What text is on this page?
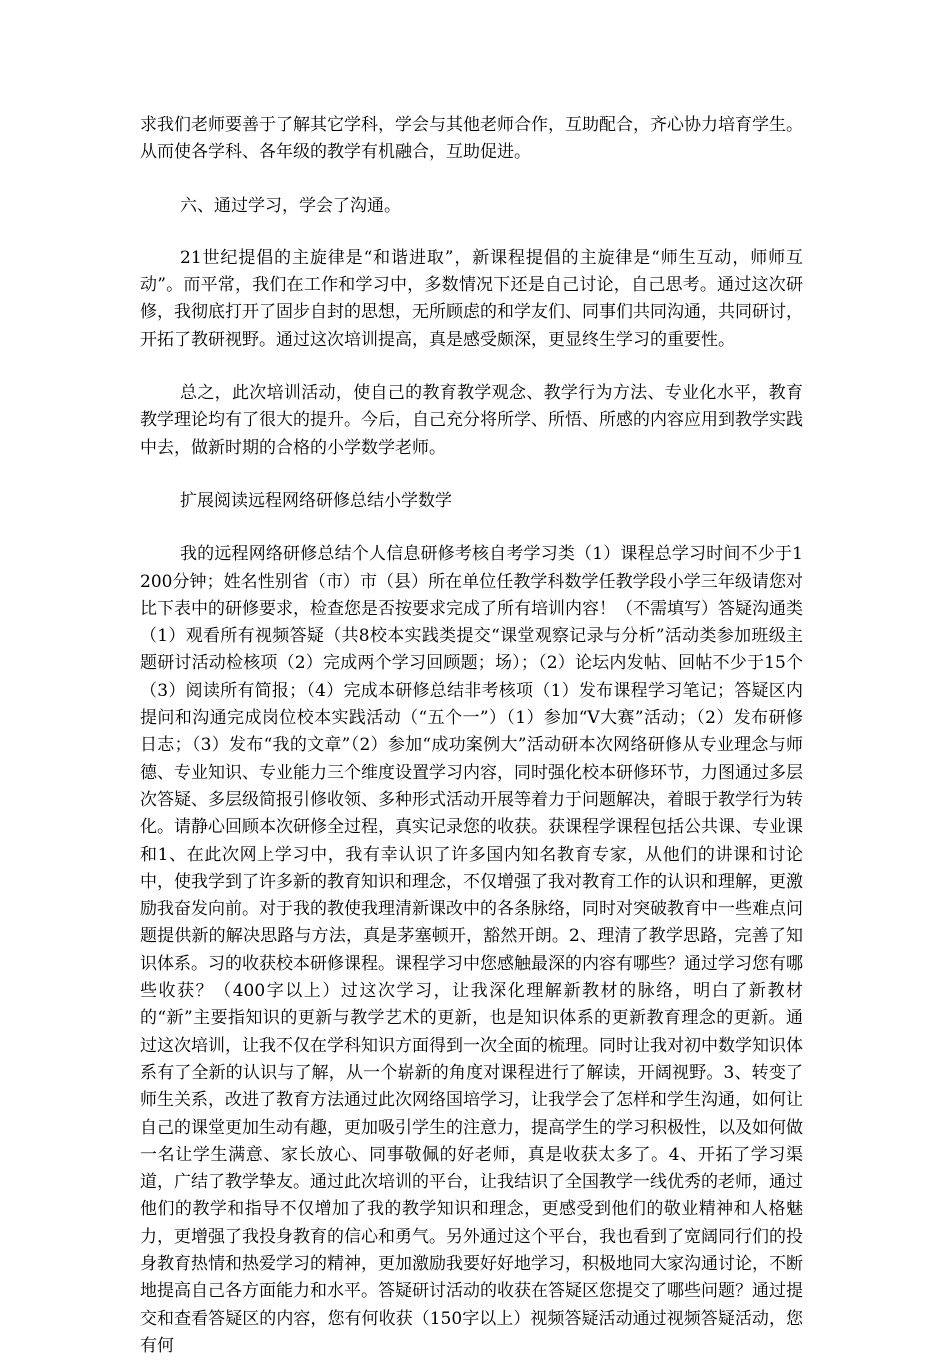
求我们老师要善于了解其它学科，学会与其他老师合作，互助配合，齐心协力培育学生。从而使各学科、各年级的教学有机融合，互助促进。

六、通过学习，学会了沟通。

21世纪提倡的主旋律是“和谐进取”，新课程提倡的主旋律是“师生互动，师师互动”。而平常，我们在工作和学习中，多数情况下还是自己讨论，自己思考。通过这次研修，我彻底打开了固步自封的思想，无所顾虑的和学友们、同事们共同沟通，共同研讨，开拓了教研视野。通过这次培训提高，真是感受颇深，更显终生学习的重要性。

总之，此次培训活动，使自己的教育教学观念、教学行为方法、专业化水平，教育教学理论均有了很大的提升。今后，自己充分将所学、所悟、所感的内容应用到教学实践中去，做新时期的合格的小学数学老师。

扩展阅读远程网络研修总结小学数学

我的远程网络研修总结个人信息研修考核自考学习类（1）课程总学习时间不少于1200分钟；姓名性别省（市）市（县）所在单位任教学科数学任教学段小学三年级请您对比下表中的研修要求，检查您是否按要求完成了所有培训内容！（不需填写）答疑沟通类（1）观看所有视频答疑（共8校本实践类提交“课堂观察记录与分析”活动类参加班级主题研讨活动检核项（2）完成两个学习回顾题；场）；（2）论坛内发帖、回帖不少于15个（3）阅读所有简报；（4）完成本研修总结非考核项（1）发布课程学习笔记；答疑区内提问和沟通完成岗位校本实践活动（“五个一”）（1）参加“V大赛”活动；（2）发布研修日志；（3）发布“我的文章”（2）参加“成功案例大”活动研本次网络研修从专业理念与师德、专业知识、专业能力三个维度设置学习内容，同时强化校本研修环节，力图通过多层次答疑、多层级简报引修收领、多种形式活动开展等着力于问题解决，着眼于教学行为转化。请静心回顾本次研修全过程，真实记录您的收获。获课程学课程包括公共课、专业课和1、在此次网上学习中，我有幸认识了许多国内知名教育专家，从他们的讲课和讨论中，使我学到了许多新的教育知识和理念，不仅增强了我对教育工作的认识和理解，更激励我奋发向前。对于我的教使我理清新课改中的各条脉络，同时对突破教育中一些难点问题提供新的解决思路与方法，真是茅塞顿开，豁然开朗。2、理清了教学思路，完善了知识体系。习的收获校本研修课程。课程学习中您感触最深的内容有哪些？通过学习您有哪些收获？（400字以上）过这次学习，让我深化理解新教材的脉络，明白了新教材的“新”主要指知识的更新与教学艺术的更新，也是知识体系的更新教育理念的更新。通过这次培训，让我不仅在学科知识方面得到一次全面的梳理。同时让我对初中数学知识体系有了全新的认识与了解，从一个崭新的角度对课程进行了解读，开阔视野。3、转变了师生关系，改进了教育方法通过此次网络国培学习，让我学会了怎样和学生沟通，如何让自己的课堂更加生动有趣，更加吸引学生的注意力，提高学生的学习积极性，以及如何做一名让学生满意、家长放心、同事敬佩的好老师，真是收获太多了。4、开拓了学习渠道，广结了教学挚友。通过此次培训的平台，让我结识了全国教学一线优秀的老师，通过他们的教学和指导不仅增加了我的教学知识和理念，更感受到他们的敬业精神和人格魅力，更增强了我投身教育的信心和勇气。另外通过这个平台，我也看到了宽阔同行们的投身教育热情和热爱学习的精神，更加激励我要好好地学习，积极地同大家沟通讨论，不断地提高自己各方面能力和水平。答疑研讨活动的收获在答疑区您提交了哪些问题？通过提交和查看答疑区的内容，您有何收获（150字以上）视频答疑活动通过视频答疑活动，您有何
